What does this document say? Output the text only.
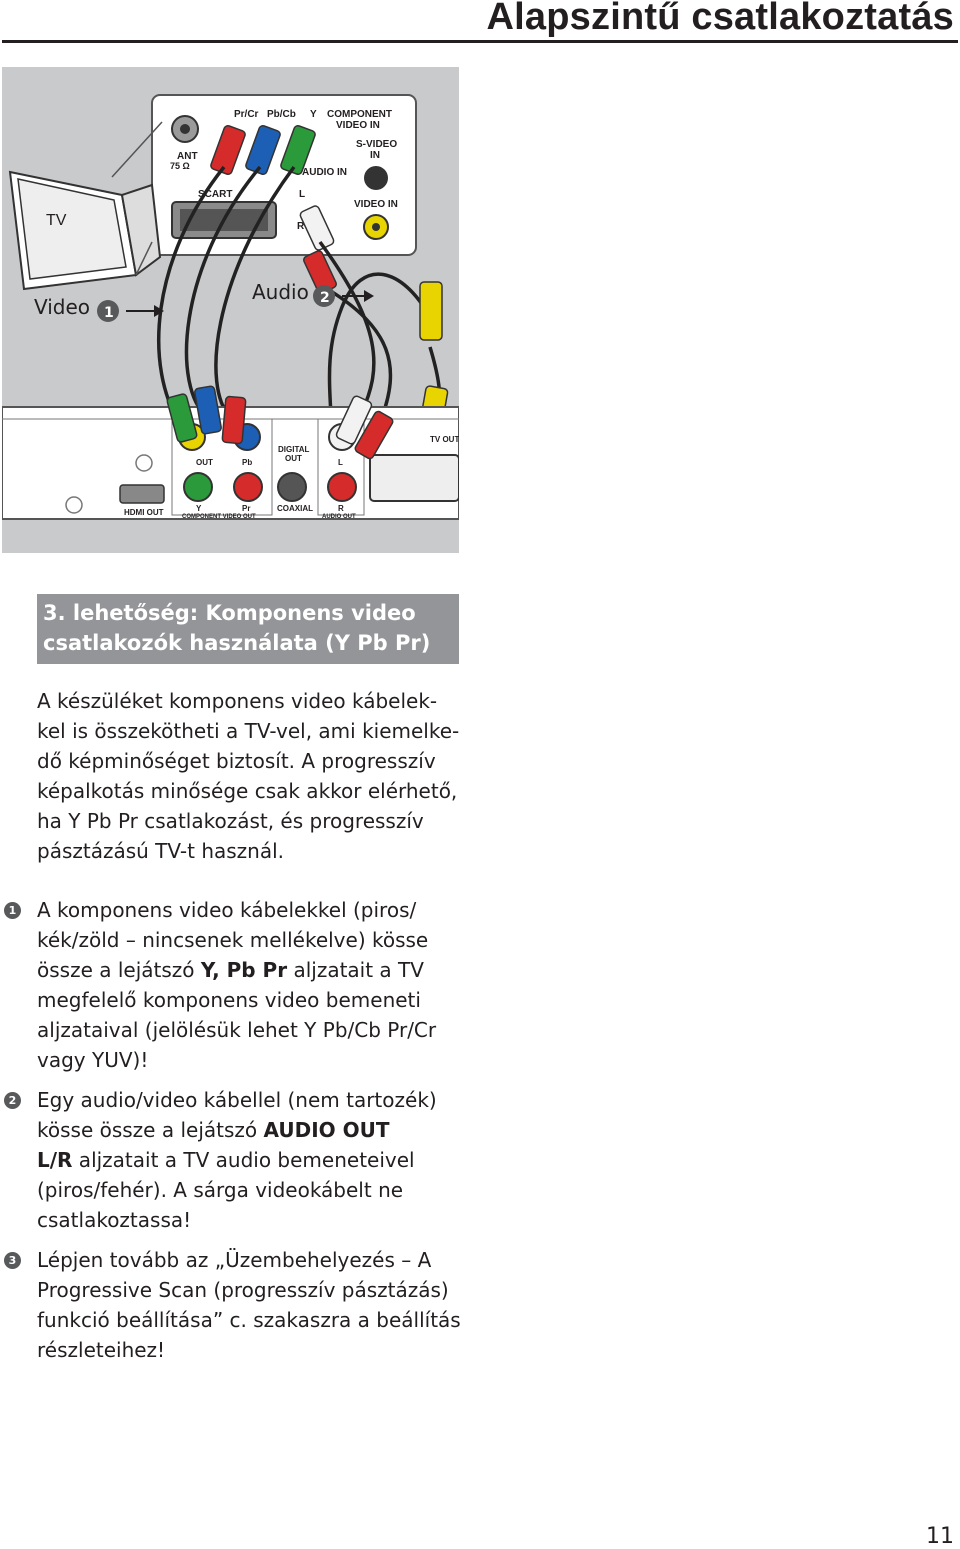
Alapszintű csatlakoztatás
TV
ANT
75 Ω
SCART
Pr/Cr Pb/Cb Y COMPONENT
VIDEO IN
S-VIDEO
IN
AUDIO IN
L
R
VIDEO IN
Video 1
Audio 2
HDMI OUT
OUT	Pb
Y	Pr
COMPONENT VIDEO OUT
DIGITAL
OUT
COAXIAL
L
R
AUDIO OUT
TV OUT
3. lehetőség: Komponens video
csatlakozók használata (Y Pb Pr)
A készüléket komponens video kábelek-
kel is összekötheti a TV-vel, ami kiemelke-
dő képminőséget biztosít. A progresszív
képalkotás minősége csak akkor elérhető,
ha Y Pb Pr csatlakozást, és progresszív
pásztázású TV-t használ.
1 A komponens video kábelekkel (piros/
kék/zöld – nincsenek mellékelve) kösse
össze a lejátszó Y, Pb Pr aljzatait a TV
megfelelő komponens video bemeneti
aljzataival (jelölésük lehet Y Pb/Cb Pr/Cr
vagy YUV)!
2 Egy audio/video kábellel (nem tartozék)
kösse össze a lejátszó AUDIO OUT
L/R aljzatait a TV audio bemeneteivel
(piros/fehér). A sárga videokábelt ne
csatlakoztassa!
3 Lépjen tovább az „Üzembehelyezés – A
Progressive Scan (progresszív pásztázás)
funkció beállítása” c. szakaszra a beállítás
részleteihez!
11
